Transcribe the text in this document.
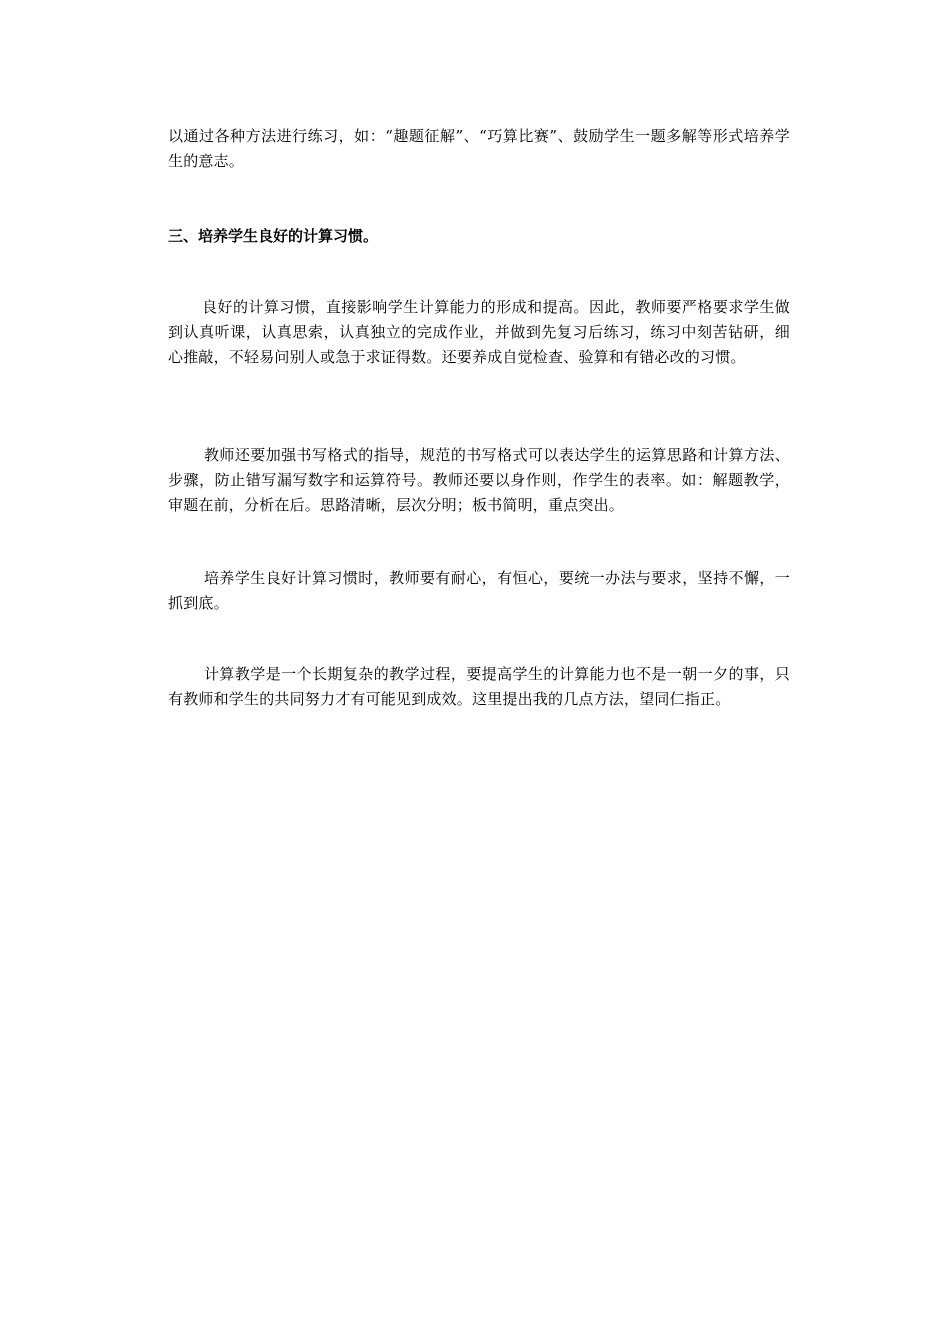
以通过各种方法进行练习，如：“趣题征解”、“巧算比赛”、鼓励学生一题多解等形式培养学生的意志。

三、培养学生良好的计算习惯。

良好的计算习惯，直接影响学生计算能力的形成和提高。因此，教师要严格要求学生做到认真听课，认真思索，认真独立的完成作业，并做到先复习后练习，练习中刻苦钻研，细心推敲，不轻易问别人或急于求证得数。还要养成自觉检查、验算和有错必改的习惯。

教师还要加强书写格式的指导，规范的书写格式可以表达学生的运算思路和计算方法、步骤，防止错写漏写数字和运算符号。教师还要以身作则，作学生的表率。如：解题教学，审题在前，分析在后。思路清晰，层次分明；板书简明，重点突出。

培养学生良好计算习惯时，教师要有耐心，有恒心，要统一办法与要求，坚持不懈，一抓到底。

计算教学是一个长期复杂的教学过程，要提高学生的计算能力也不是一朝一夕的事，只有教师和学生的共同努力才有可能见到成效。这里提出我的几点方法，望同仁指正。
